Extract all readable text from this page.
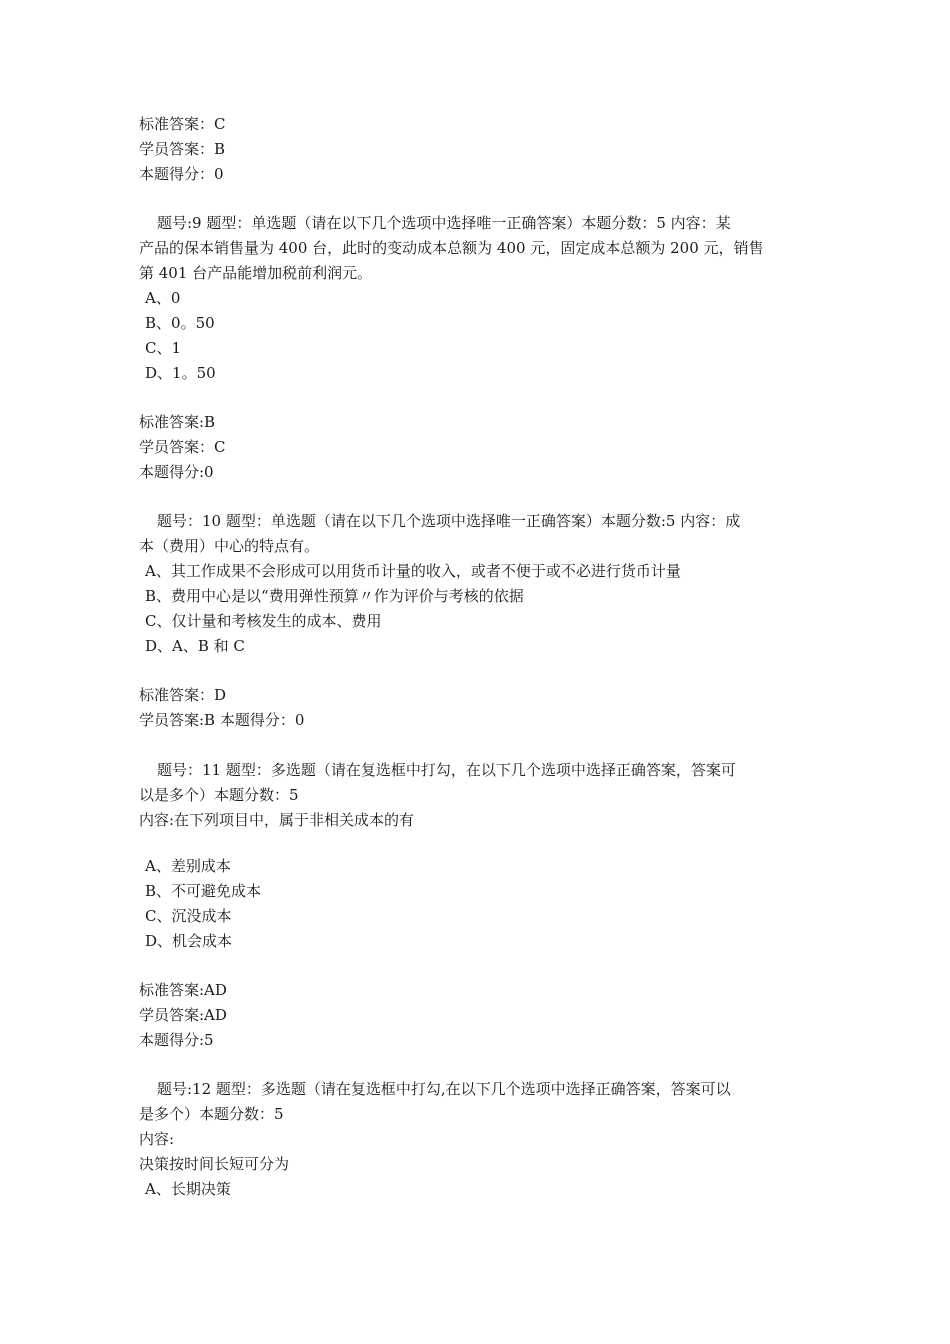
标准答案：C
学员答案：B
本题得分：0
题号:9 题型：单选题（请在以下几个选项中选择唯一正确答案）本题分数：5 内容：某
产品的保本销售量为 400 台，此时的变动成本总额为 400 元，固定成本总额为 200 元，销售
第 401 台产品能增加税前利润元。
A、0
B、0。50
C、1
D、1。50
标准答案:B
学员答案：C
本题得分:0
题号：10 题型：单选题（请在以下几个选项中选择唯一正确答案）本题分数:5 内容：成
本（费用）中心的特点有。
A、其工作成果不会形成可以用货币计量的收入，或者不便于或不必进行货币计量
B、费用中心是以“费用弹性预算〃作为评价与考核的依据
C、仅计量和考核发生的成本、费用
D、A、B 和 C
标准答案：D
学员答案:B 本题得分：0
题号：11 题型：多选题（请在复选框中打勾，在以下几个选项中选择正确答案，答案可
以是多个）本题分数：5
内容:在下列项目中，属于非相关成本的有
A、差别成本
B、不可避免成本
C、沉没成本
D、机会成本
标准答案:AD
学员答案:AD
本题得分:5
题号:12 题型：多选题（请在复选框中打勾,在以下几个选项中选择正确答案，答案可以
是多个）本题分数：5
内容:
决策按时间长短可分为
A、长期决策
